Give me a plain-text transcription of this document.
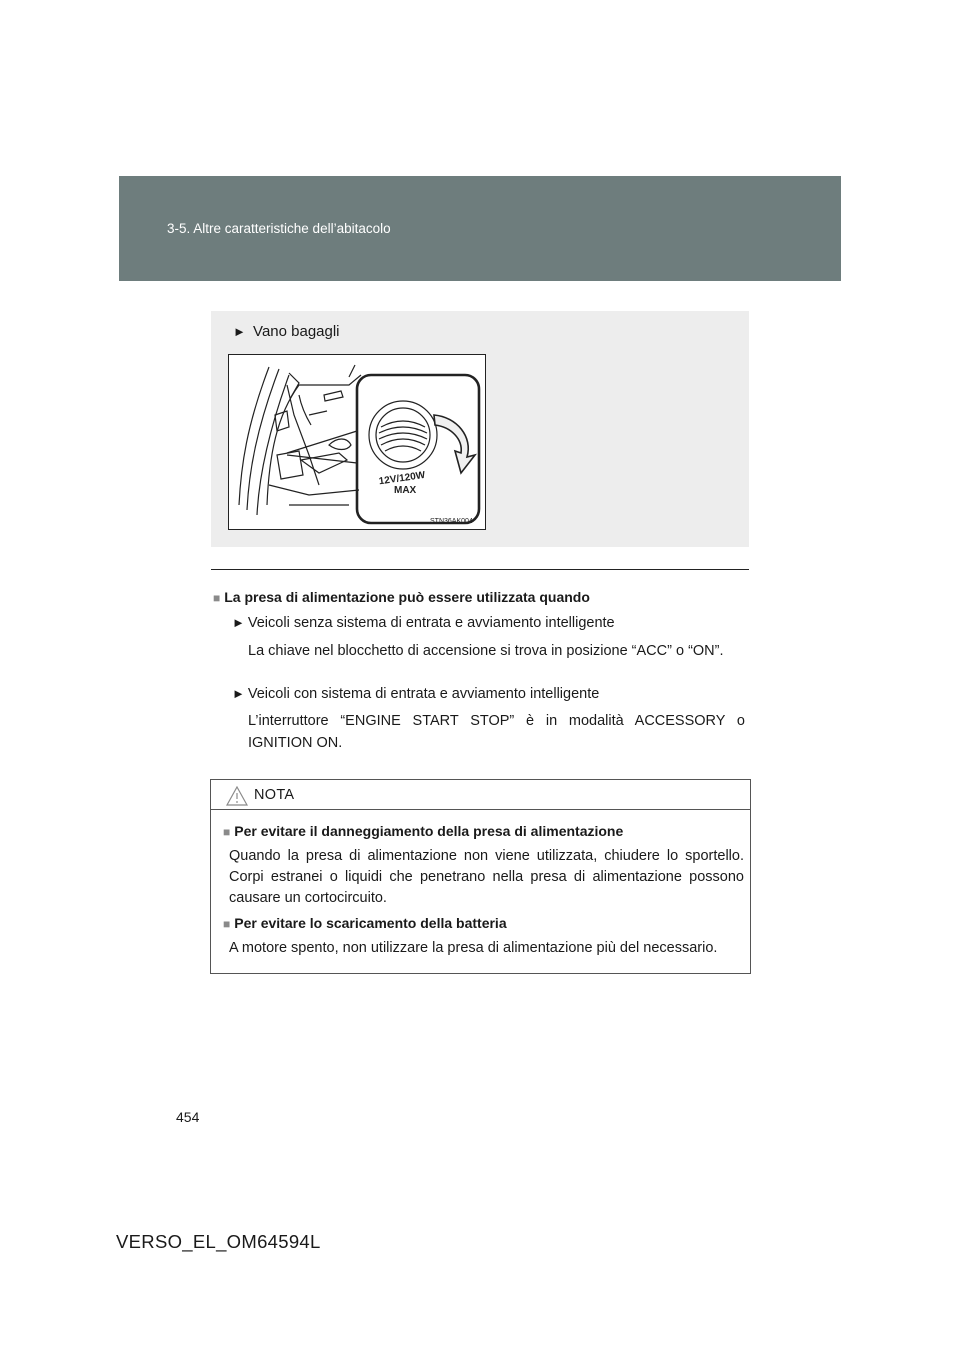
3-5. Altre caratteristiche dell’abitacolo
► Vano bagagli
12V/120W
MAX
STN36AK004
■ La presa di alimentazione può essere utilizzata quando
► Veicoli senza sistema di entrata e avviamento intelligente
La chiave nel blocchetto di accensione si trova in posizione “ACC” o “ON”.
► Veicoli con sistema di entrata e avviamento intelligente
L’interruttore “ENGINE START STOP” è in modalità ACCESSORY o IGNITION ON.
NOTA
■ Per evitare il danneggiamento della presa di alimentazione
Quando la presa di alimentazione non viene utilizzata, chiudere lo sportello. Corpi estranei o liquidi che penetrano nella presa di alimentazione possono causare un cortocircuito.
■ Per evitare lo scaricamento della batteria
A motore spento, non utilizzare la presa di alimentazione più del necessario.
454
VERSO_EL_OM64594L
